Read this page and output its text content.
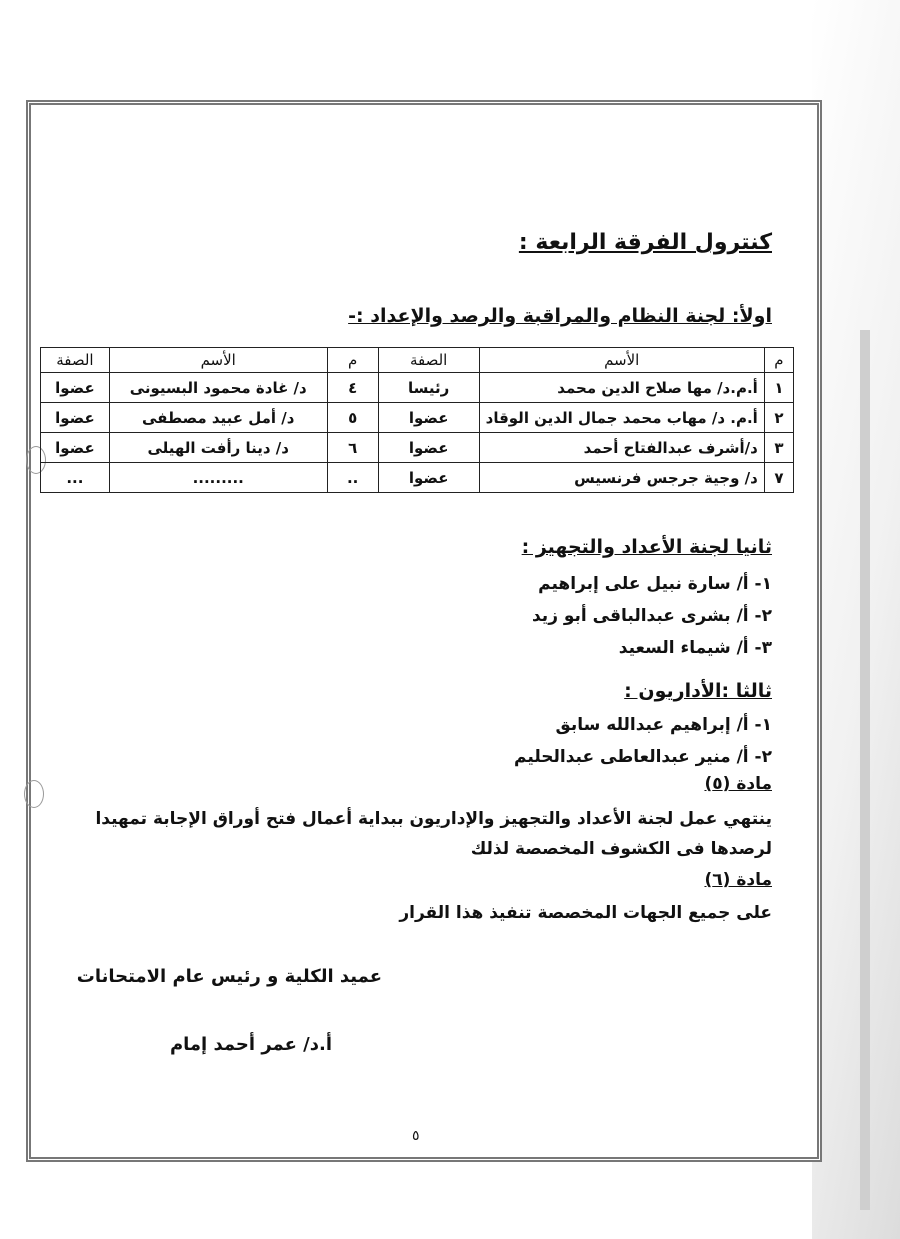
كنترول الفرقة الرابعة :
اولأ: لجنة النظام والمراقبة والرصد والإعداد :-
م	الأسم	الصفة	م	الأسم	الصفة
١	أ.م.د/ مها صلاح الدين محمد	رئيسا	٤	د/ غادة محمود البسيونى	عضوا
٢	أ.م. د/ مهاب محمد جمال الدين الوقاد	عضوا	٥	د/ أمل عبيد مصطفى	عضوا
٣	د/أشرف عبدالفتاح أحمد	عضوا	٦	د/ دينا رأفت الهيلى	عضوا
٧	د/ وجية جرجس فرنسيس	عضوا	..	.........	...
ثانيا لجنة الأعداد والتجهيز :
١- أ/ سارة نبيل على إبراهيم
٢- أ/ بشرى عبدالباقى أبو زيد
٣- أ/ شيماء السعيد
ثالثا :الأداريون :
١- أ/ إبراهيم عبدالله سابق
٢- أ/ منير عبدالعاطى عبدالحليم
مادة (٥)
ينتهي عمل لجنة الأعداد والتجهيز والإداريون ببداية أعمال فتح أوراق الإجابة تمهيدا لرصدها فى الكشوف المخصصة لذلك
مادة (٦)
على جميع الجهات المخصصة تنفيذ هذا القرار
عميد الكلية و رئيس عام الامتحانات
أ.د/ عمر أحمد إمام
٥
